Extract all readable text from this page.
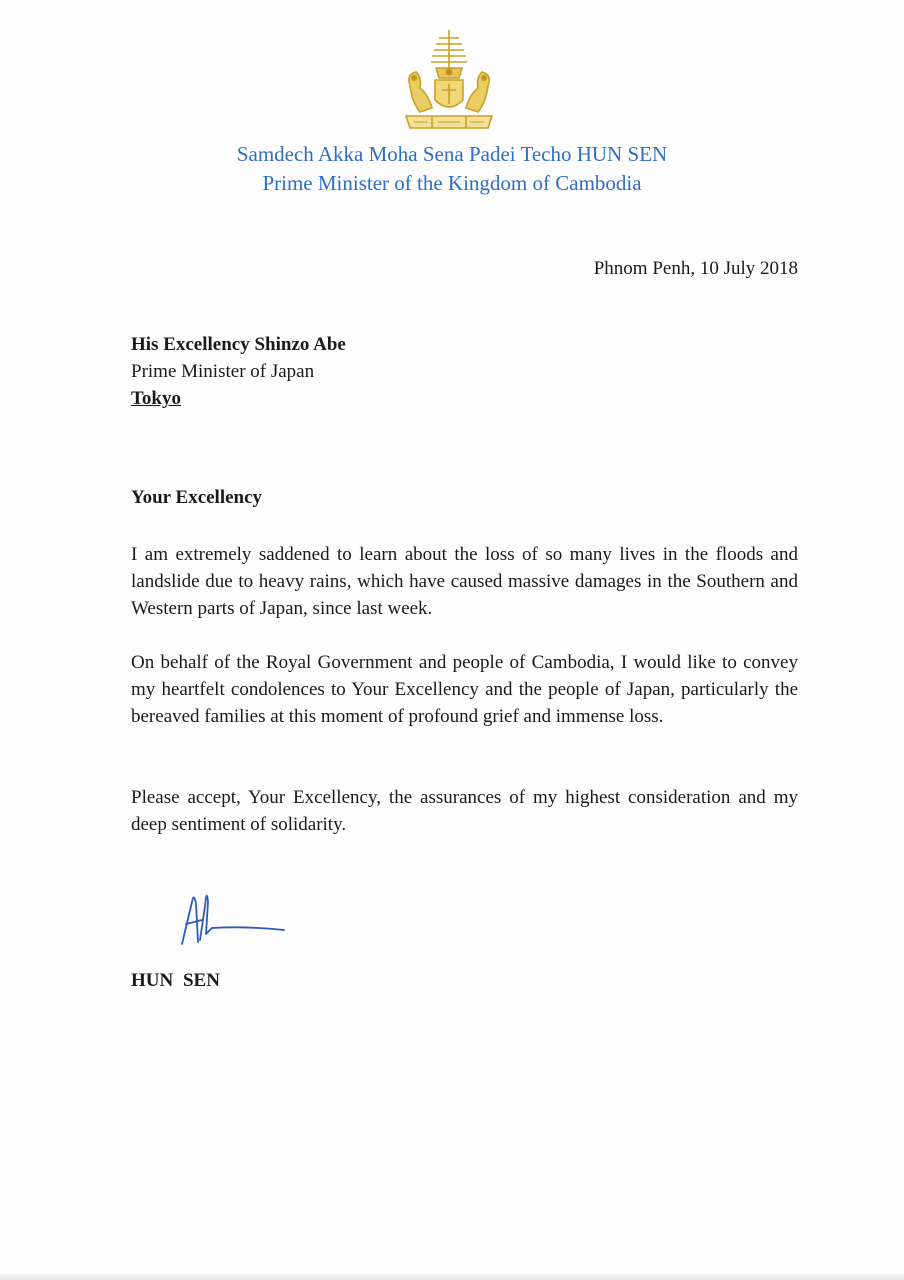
Samdech Akka Moha Sena Padei Techo HUN SEN
Prime Minister of the Kingdom of Cambodia
Phnom Penh, 10 July 2018
His Excellency Shinzo Abe
Prime Minister of Japan
Tokyo
Your Excellency

I am extremely saddened to learn about the loss of so many lives in the floods and landslide due to heavy rains, which have caused massive damages in the Southern and Western parts of Japan, since last week.

On behalf of the Royal Government and people of Cambodia, I would like to convey my heartfelt condolences to Your Excellency and the people of Japan, particularly the bereaved families at this moment of profound grief and immense loss.

Please accept, Your Excellency, the assurances of my highest consideration and my deep sentiment of solidarity.

HUN SEN
